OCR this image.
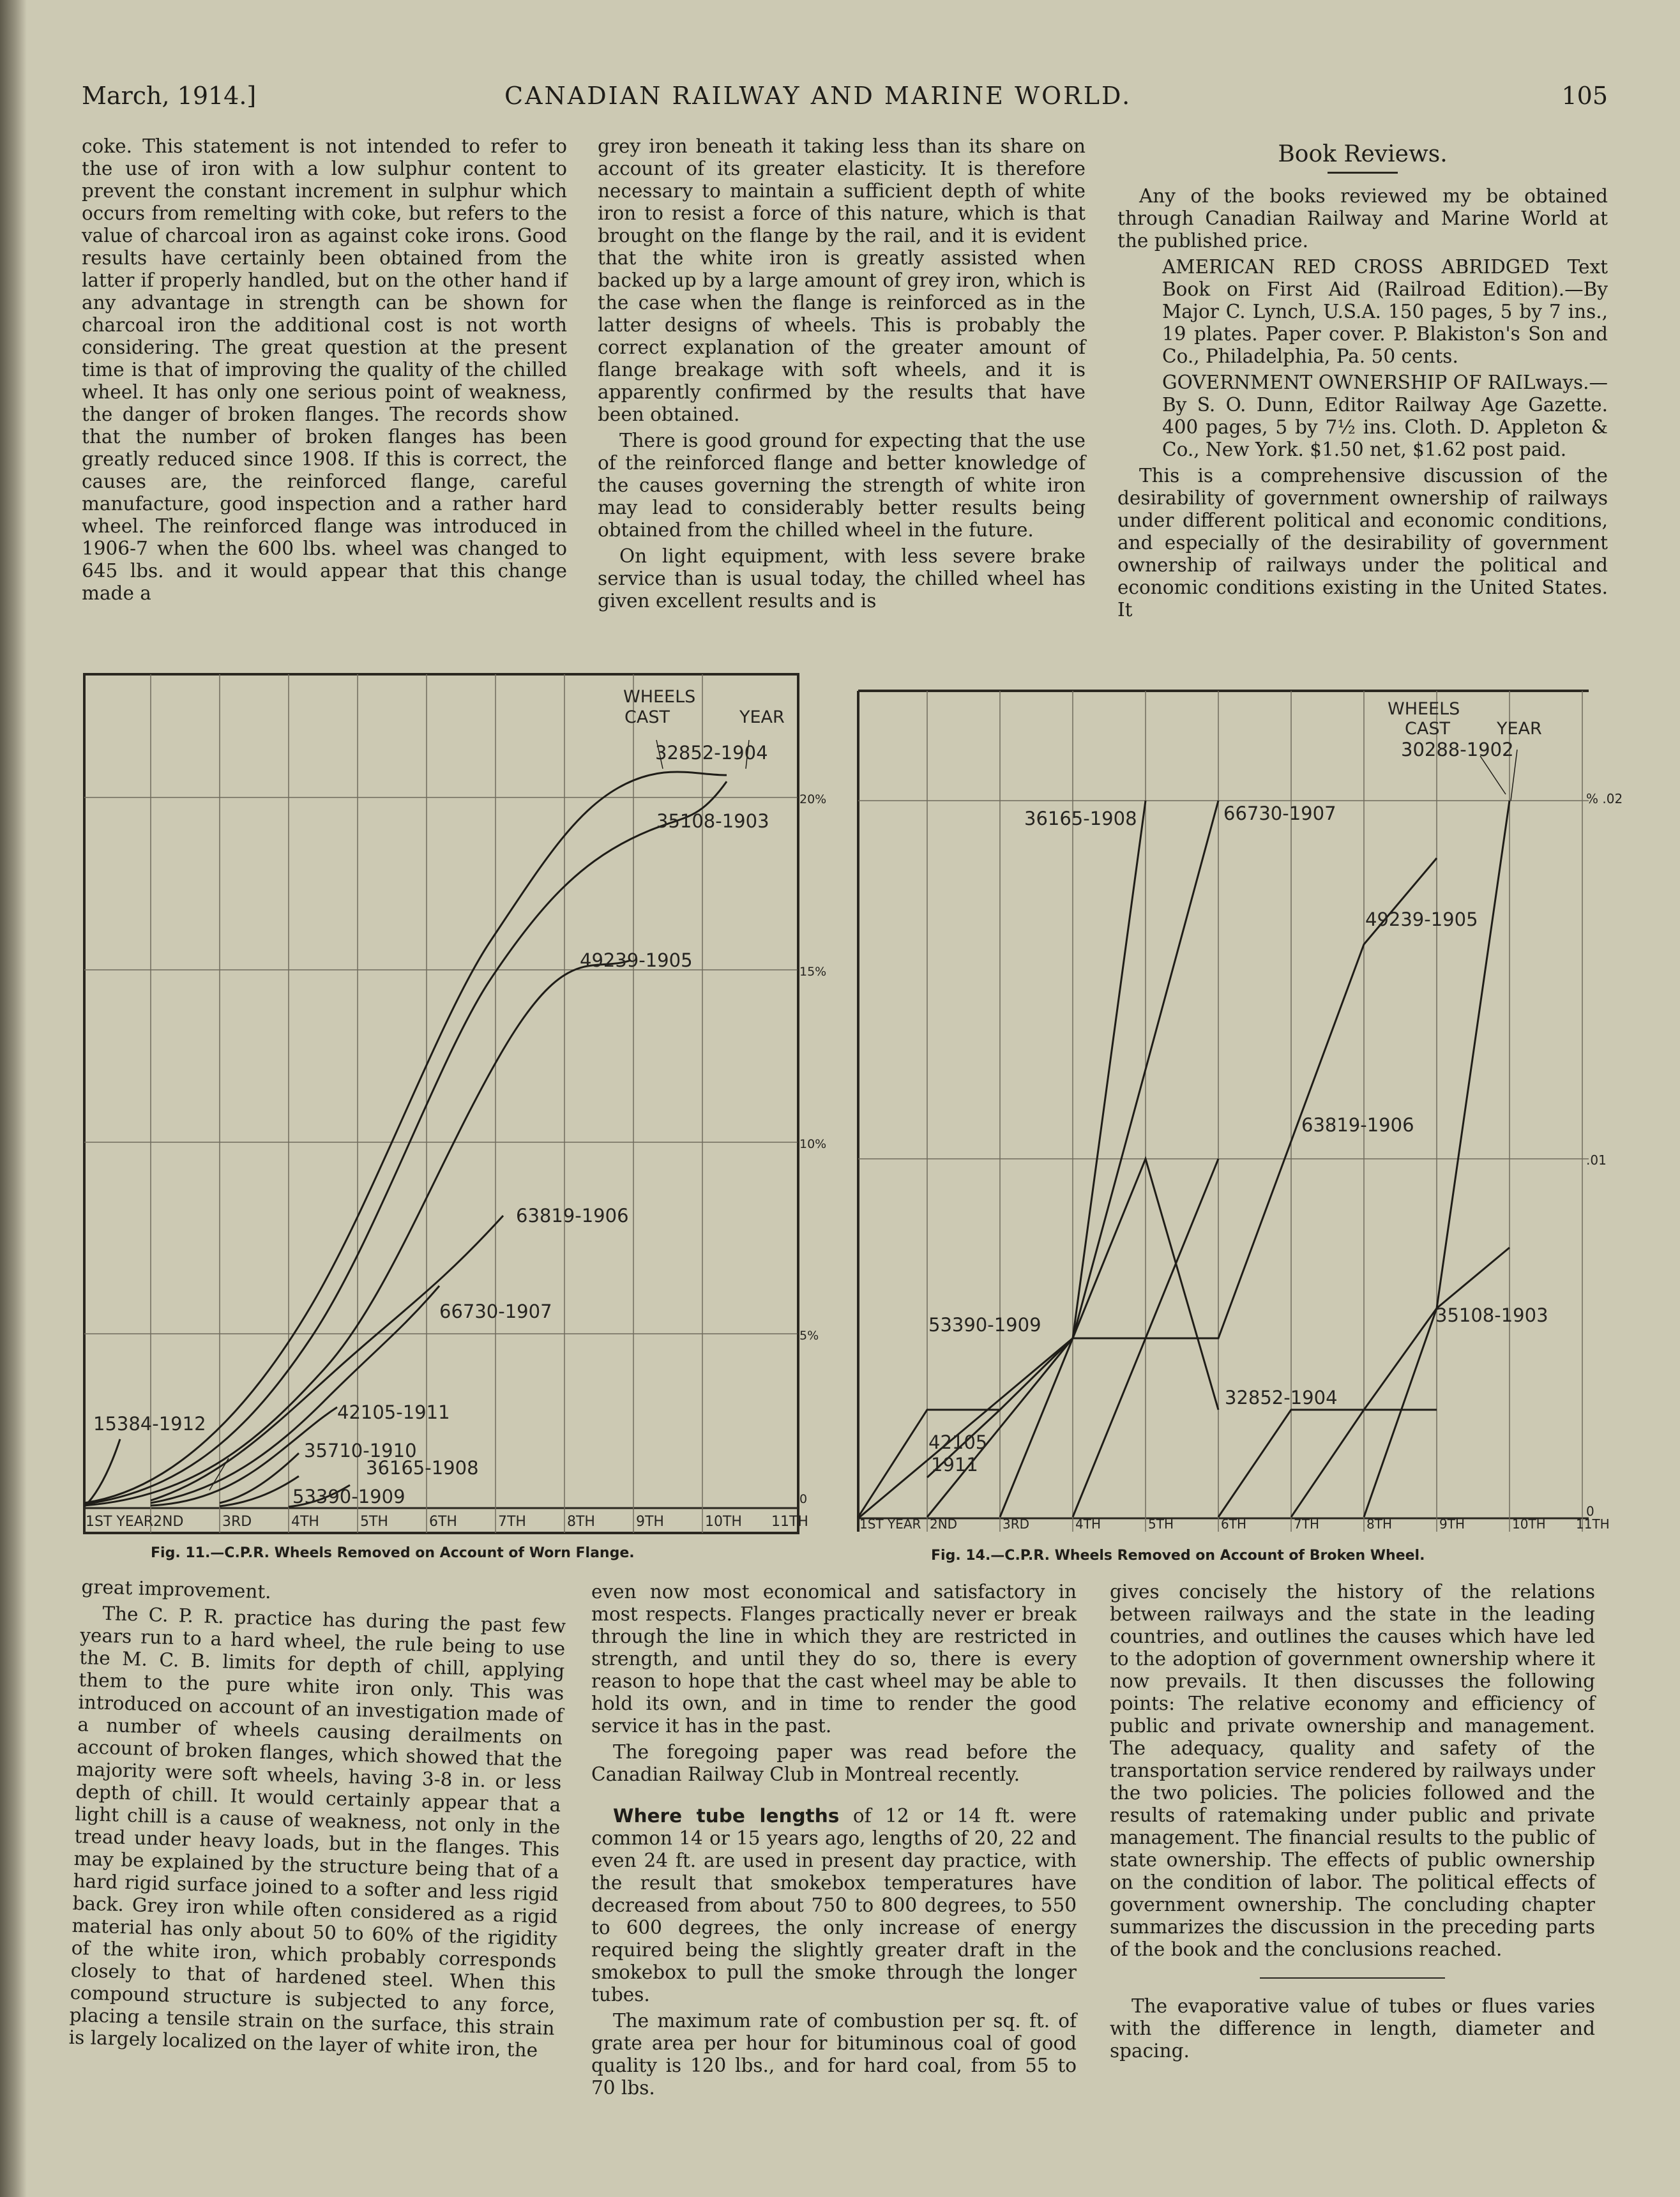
March, 1914.]	CANADIAN RAILWAY AND MARINE WORLD.	105

coke. This statement is not intended to refer to the use of iron with a low sulphur content to prevent the constant increment in sulphur which occurs from remelting with coke, but refers to the value of charcoal iron as against coke irons. Good results have certainly been obtained from the latter if properly handled, but on the other hand if any advantage in strength can be shown for charcoal iron the additional cost is not worth considering. The great question at the present time is that of improving the quality of the chilled wheel. It has only one serious point of weakness, the danger of broken flanges. The records show that the number of broken flanges has been greatly reduced since 1908. If this is correct, the causes are, the reinforced flange, careful manufacture, good inspection and a rather hard wheel. The reinforced flange was introduced in 1906-7 when the 600 lbs. wheel was changed to 645 lbs. and it would appear that this change made a

grey iron beneath it taking less than its share on account of its greater elasticity. It is therefore necessary to maintain a sufficient depth of white iron to resist a force of this nature, which is that brought on the flange by the rail, and it is evident that the white iron is greatly assisted when backed up by a large amount of grey iron, which is the case when the flange is reinforced as in the latter designs of wheels. This is probably the correct explanation of the greater amount of flange breakage with soft wheels, and it is apparently confirmed by the results that have been obtained.

There is good ground for expecting that the use of the reinforced flange and better knowledge of the causes governing the strength of white iron may lead to considerably better results being obtained from the chilled wheel in the future.

On light equipment, with less severe brake service than is usual today, the chilled wheel has given excellent results and is

Book Reviews.

Any of the books reviewed my be obtained through Canadian Railway and Marine World at the published price.

AMERICAN RED CROSS ABRIDGED Text Book on First Aid (Railroad Edition).—By Major C. Lynch, U.S.A. 150 pages, 5 by 7 ins., 19 plates. Paper cover. P. Blakiston's Son and Co., Philadelphia, Pa. 50 cents.

GOVERNMENT OWNERSHIP OF RAILways.—By S. O. Dunn, Editor Railway Age Gazette. 400 pages, 5 by 7½ ins. Cloth. D. Appleton & Co., New York. $1.50 net, $1.62 post paid.

This is a comprehensive discussion of the desirability of government ownership of railways under different political and economic conditions, and especially of the desirability of government ownership of railways under the political and economic conditions existing in the United States. It

WHEELS
CAST	YEAR
32852-1904
35108-1903
49239-1905
63819-1906
66730-1907
42105-1911
35710-1910
36165-1908
53390-1909
15384-1912
20%
15%
10%
5%
0
1ST YEAR 2ND	3RD	4TH	5TH	6TH	7TH	8TH	9TH	10TH 11TH
Fig. 11.—C.P.R. Wheels Removed on Account of Worn Flange.
WHEELS
CAST	YEAR
30288-1902
36165-1908	66730-1907
49239-1905
63819-1906
35108-1903
32852-1904
53390-1909
42105
1911
% .02
.01
0
1ST YEAR 2ND	3RD	4TH	5TH	6TH	7TH	8TH	9TH	10TH 11TH
Fig. 14.—C.P.R. Wheels Removed on Account of Broken Wheel.

great improvement.

The C. P. R. practice has during the past few years run to a hard wheel, the rule being to use the M. C. B. limits for depth of chill, applying them to the pure white iron only. This was introduced on account of an investigation made of a number of wheels causing derailments on account of broken flanges, which showed that the majority were soft wheels, having 3-8 in. or less depth of chill. It would certainly appear that a light chill is a cause of weakness, not only in the tread under heavy loads, but in the flanges. This may be explained by the structure being that of a hard rigid surface joined to a softer and less rigid back. Grey iron while often considered as a rigid material has only about 50 to 60% of the rigidity of the white iron, which probably corresponds closely to that of hardened steel. When this compound structure is subjected to any force, placing a tensile strain on the surface, this strain is largely localized on the layer of white iron, the

even now most economical and satisfactory in most respects. Flanges practically never er break through the line in which they are restricted in strength, and until they do so, there is every reason to hope that the cast wheel may be able to hold its own, and in time to render the good service it has in the past.

The foregoing paper was read before the Canadian Railway Club in Montreal recently.

Where tube lengths of 12 or 14 ft. were common 14 or 15 years ago, lengths of 20, 22 and even 24 ft. are used in present day practice, with the result that smokebox temperatures have decreased from about 750 to 800 degrees, to 550 to 600 degrees, the only increase of energy required being the slightly greater draft in the smokebox to pull the smoke through the longer tubes.

The maximum rate of combustion per sq. ft. of grate area per hour for bituminous coal of good quality is 120 lbs., and for hard coal, from 55 to 70 lbs.

gives concisely the history of the relations between railways and the state in the leading countries, and outlines the causes which have led to the adoption of government ownership where it now prevails. It then discusses the following points: The relative economy and efficiency of public and private ownership and management. The adequacy, quality and safety of the transportation service rendered by railways under the two policies. The policies followed and the results of ratemaking under public and private management. The financial results to the public of state ownership. The effects of public ownership on the condition of labor. The political effects of government ownership. The concluding chapter summarizes the discussion in the preceding parts of the book and the conclusions reached.

The evaporative value of tubes or flues varies with the difference in length, diameter and spacing.
